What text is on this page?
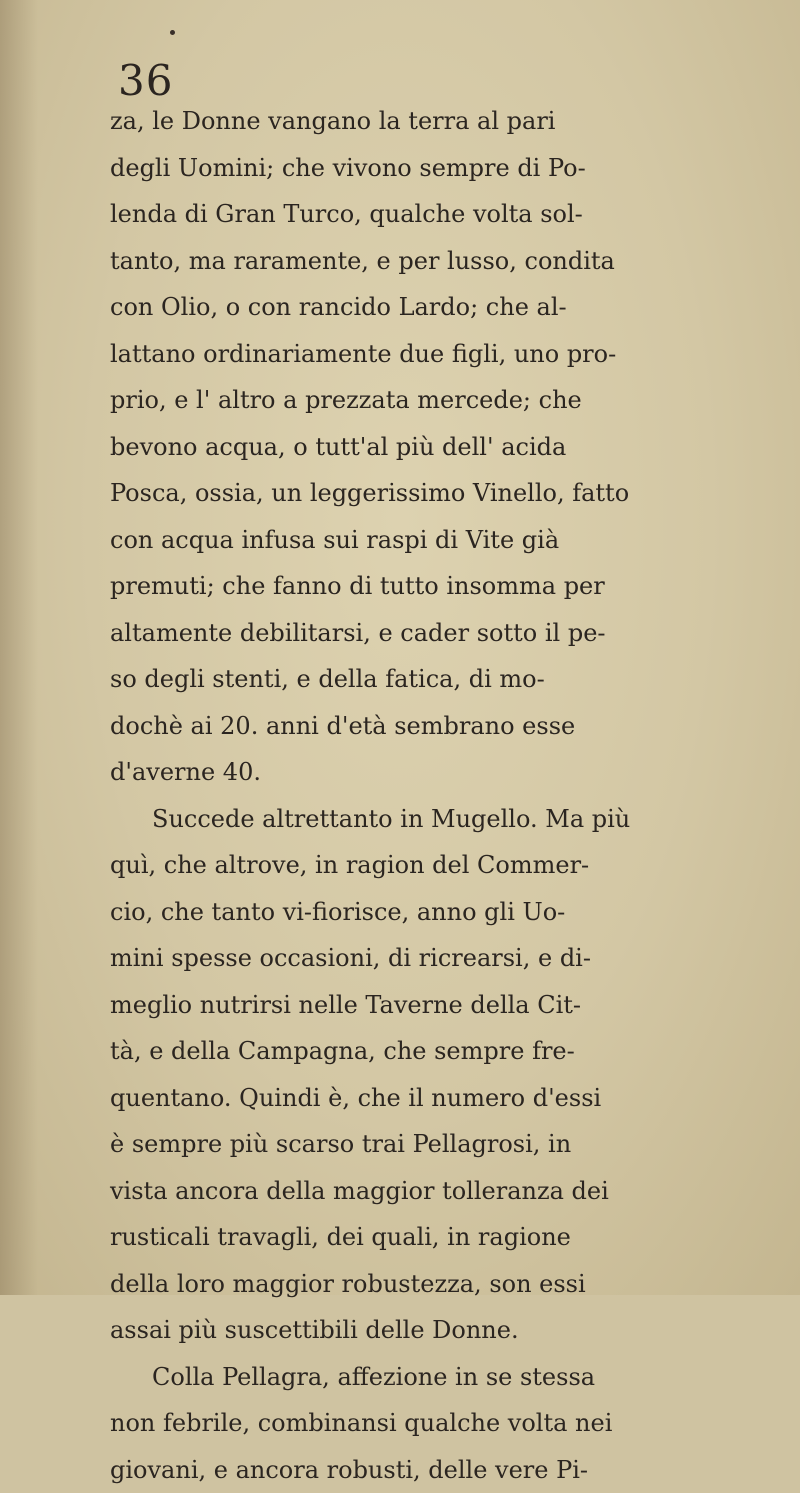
36
za, le Donne vangano la terra al pari
degli Uomini; che vivono sempre di Po-
lenda di Gran Turco, qualche volta sol-
tanto, ma raramente, e per lusso, condita
con Olio, o con rancido Lardo; che al-
lattano ordinariamente due figli, uno pro-
prio, e l' altro a prezzata mercede; che
bevono acqua, o tutt'al più dell' acida
Posca, ossia, un leggerissimo Vinello, fatto
con acqua infusa sui raspi di Vite già
premuti; che fanno di tutto insomma per
altamente debilitarsi, e cader sotto il pe-
so degli stenti, e della fatica, di mo-
dochè ai 20. anni d'età sembrano esse
d'averne 40.
Succede altrettanto in Mugello. Ma più
quì, che altrove, in ragion del Commer-
cio, che tanto vi-fiorisce, anno gli Uo-
mini spesse occasioni, di ricrearsi, e di-
meglio nutrirsi nelle Taverne della Cit-
tà, e della Campagna, che sempre fre-
quentano. Quindi è, che il numero d'essi
è sempre più scarso trai Pellagrosi, in
vista ancora della maggior tolleranza dei
rusticali travagli, dei quali, in ragione
della loro maggior robustezza, son essi
assai più suscettibili delle Donne.
Colla Pellagra, affezione in se stessa
non febrile, combinansi qualche volta nei
giovani, e ancora robusti, delle vere Pi-
